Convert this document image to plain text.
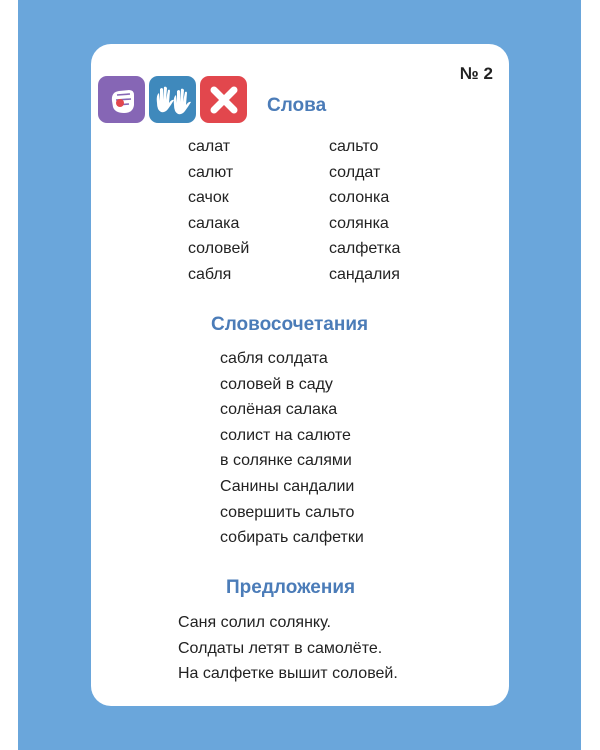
№ 2
Слова
салат
салют
сачок
салака
соловей
сабля
сальто
солдат
солонка
солянка
салфетка
сандалия
Словосочетания
сабля солдата
соловей в саду
солёная салака
солист на салюте
в солянке салями
Санины сандалии
совершить сальто
собирать салфетки
Предложения
Саня солил солянку.
Солдаты летят в самолёте.
На салфетке вышит соловей.
